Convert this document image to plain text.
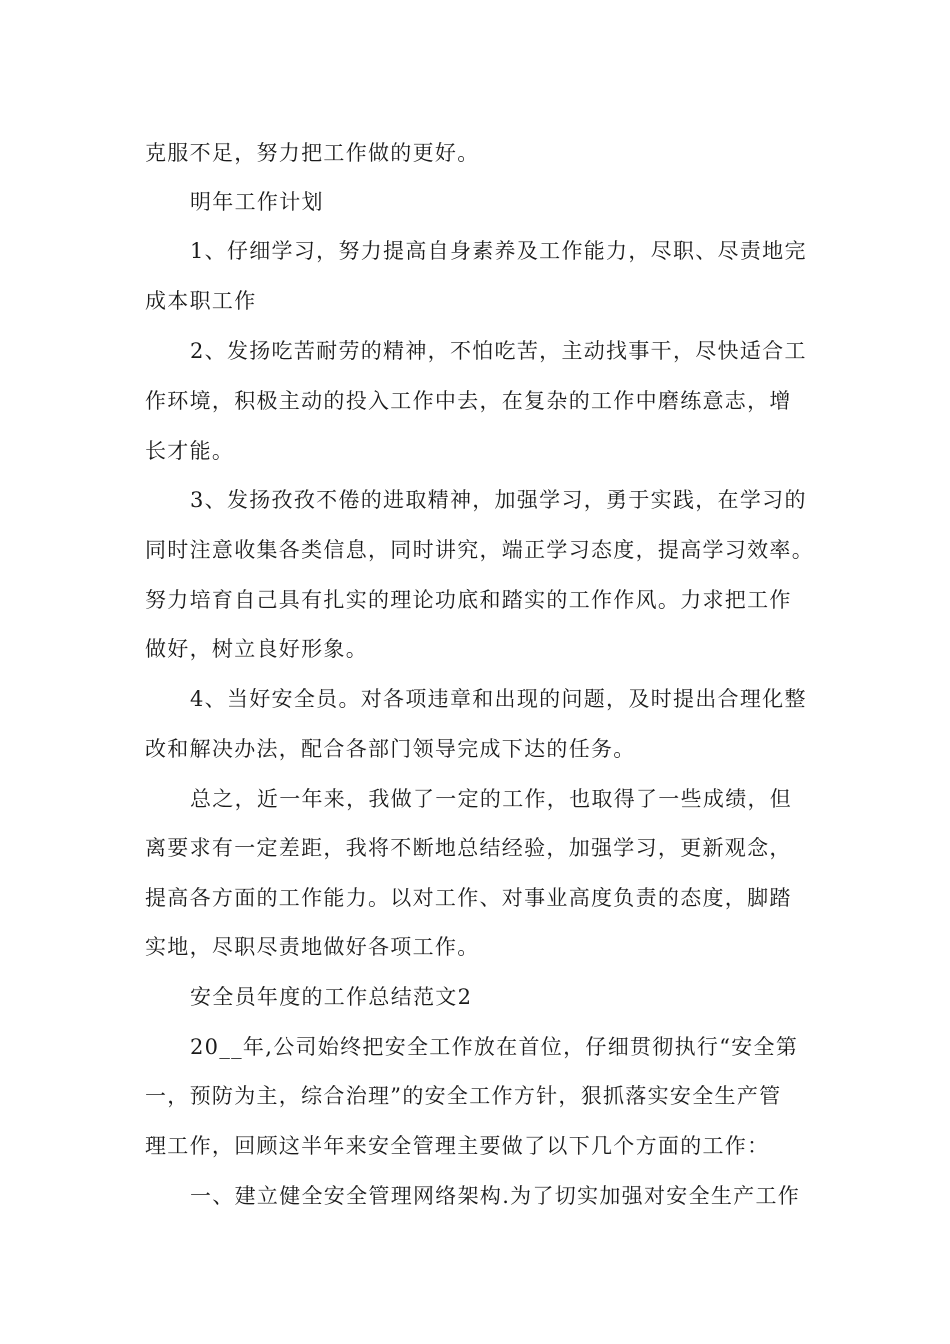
克服不足，努力把工作做的更好。
明年工作计划
1、仔细学习，努力提高自身素养及工作能力，尽职、尽责地完
成本职工作
2、发扬吃苦耐劳的精神，不怕吃苦，主动找事干，尽快适合工
作环境，积极主动的投入工作中去，在复杂的工作中磨练意志，增
长才能。
3、发扬孜孜不倦的进取精神，加强学习，勇于实践，在学习的
同时注意收集各类信息，同时讲究，端正学习态度，提高学习效率。
努力培育自己具有扎实的理论功底和踏实的工作作风。力求把工作
做好，树立良好形象。
4、当好安全员。对各项违章和出现的问题，及时提出合理化整
改和解决办法，配合各部门领导完成下达的任务。
总之，近一年来，我做了一定的工作，也取得了一些成绩，但
离要求有一定差距，我将不断地总结经验，加强学习，更新观念，
提高各方面的工作能力。以对工作、对事业高度负责的态度，脚踏
实地，尽职尽责地做好各项工作。
安全员年度的工作总结范文2
20__年,公司始终把安全工作放在首位，仔细贯彻执行“安全第
一，预防为主，综合治理”的安全工作方针，狠抓落实安全生产管
理工作，回顾这半年来安全管理主要做了以下几个方面的工作：
一、建立健全安全管理网络架构.为了切实加强对安全生产工作
